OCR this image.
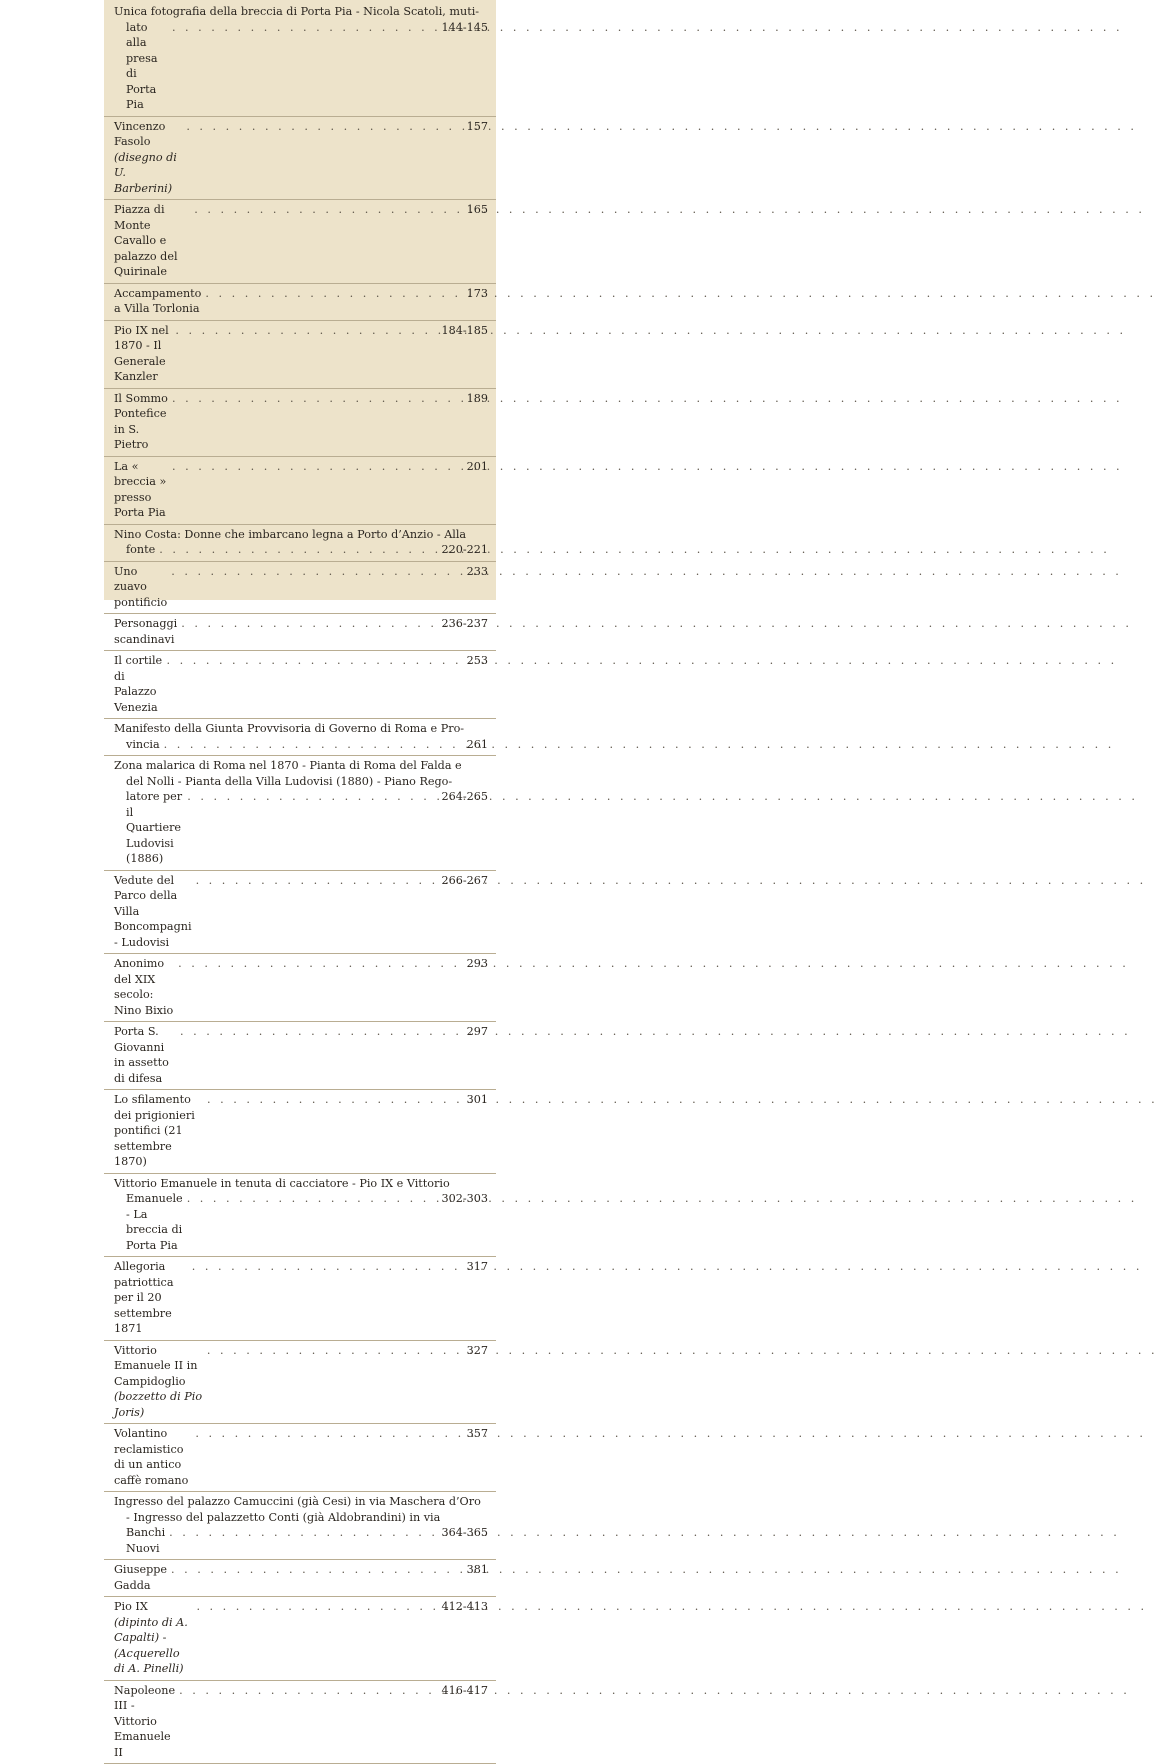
Unica fotografia della breccia di Porta Pia - Nicola Scatoli, muti-
lato alla presa di Porta Pia
. . .
144-145
Vincenzo Fasolo (disegno di U. Barberini)
. . .
157
Piazza di Monte Cavallo e palazzo del Quirinale
. . .
165
Accampamento a Villa Torlonia
. . .
173
Pio IX nel 1870 - Il Generale Kanzler
. . .
184-185
Il Sommo Pontefice in S. Pietro
. . .
189
La « breccia » presso Porta Pia
. . .
201
Nino Costa: Donne che imbarcano legna a Porto d’Anzio - Alla
fonte . . .	220-221
Uno zuavo pontificio
. . .
233
Personaggi scandinavi
. . .
236-237
Il cortile di Palazzo Venezia
. . .
253
Manifesto della Giunta Provvisoria di Governo di Roma e Pro-
vincia . . .	261
Zona malarica di Roma nel 1870 - Pianta di Roma del Falda e
del Nolli - Pianta della Villa Ludovisi (1880) - Piano Rego-
latore per il Quartiere Ludovisi (1886)
. . .
264-265
Vedute del Parco della Villa Boncompagni - Ludovisi
. . .
266-267
Anonimo del XIX secolo: Nino Bixio
. . .
293
Porta S. Giovanni in assetto di difesa
. . .
297
Lo sfilamento dei prigionieri pontifici (21 settembre 1870)
. . .
301
Vittorio Emanuele in tenuta di cacciatore - Pio IX e Vittorio
Emanuele - La breccia di Porta Pia
. . .
302-303
Allegoria patriottica per il 20 settembre 1871
. . .
317
Vittorio Emanuele II in Campidoglio (bozzetto di Pio Joris)
. . .
327
Volantino reclamistico di un antico caffè romano
. . .
357
Ingresso del palazzo Camuccini (già Cesi) in via Maschera d’Oro
- Ingresso del palazzetto Conti (già Aldobrandini) in via
Banchi Nuovi
. . .
364-365
Giuseppe Gadda
. . .
381
Pio IX (dipinto di A. Capalti) - (Acquerello di A. Pinelli)
. . .
412-413
Napoleone III - Vittorio Emanuele II
. . .
416-417
